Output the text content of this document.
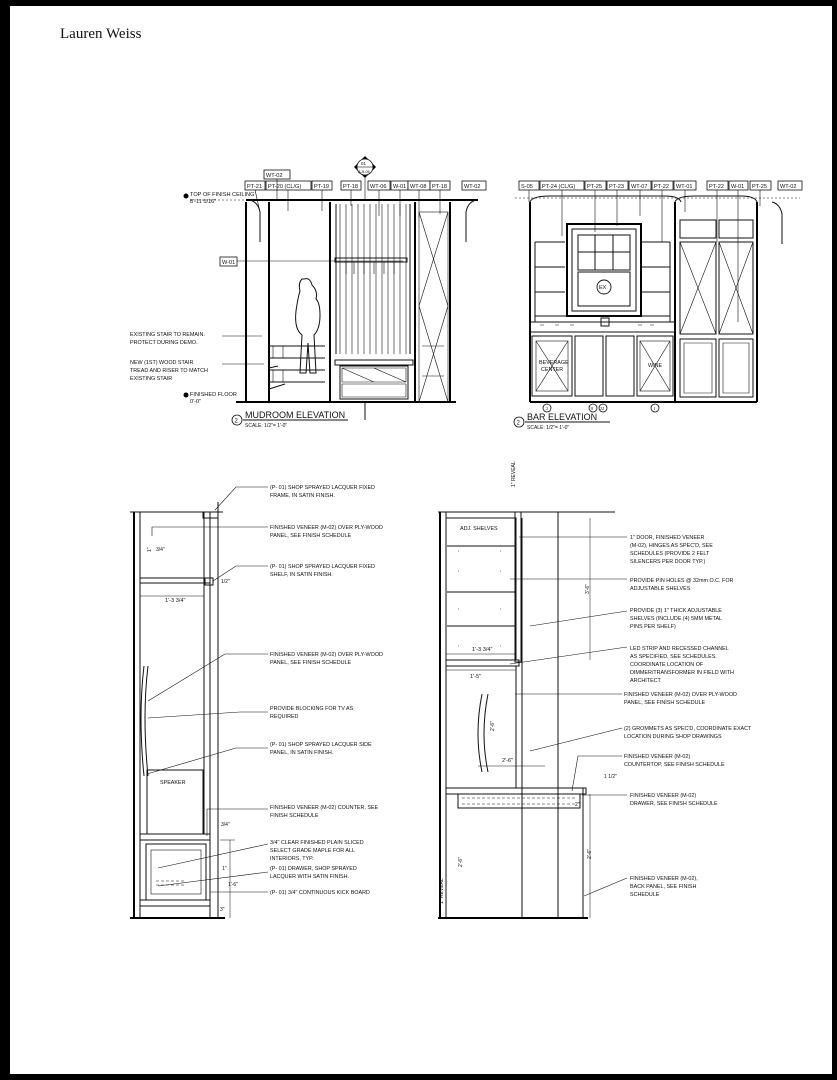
Lauren Weiss
WT-02
PT-21 PT-20 (CL/G) PT-19	PT-18 WT-06 W-01 WT-08 PT-18	WT-02
01
A-5.05
TOP OF FINISH CEILING
8'-11 5/16"
W-01
EXISTING STAIR TO REMAIN.
PROTECT DURING DEMO.
NEW (1ST) WOOD STAIR
TREAD AND RISER TO MATCH
EXISTING STAIR
FINISHED FLOOR
0'-0"
2
MUDROOM ELEVATION
SCALE: 1/2"= 1'-0"
S-05 PT-24 (CL/G) PT-25 PT-23 WT-07 PT-22 WT-01	PT-22 W-01 PT-25 WT-02
EX
BEVERAGE
CENTER
WINE
J	II JJ	I
2
BAR ELEVATION
SCALE: 1/2"= 1'-0"
SPEAKER
1" 3/4"
1'-3 3/4"
1/2"
3/4"
1'-6"
1"
3"
(P- 01) SHOP SPRAYED LACQUER FIXED
FRAME, IN SATIN FINISH.
FINISHED VENEER (M-02) OVER PLY-WOOD
PANEL, SEE FINISH SCHEDULE
(P- 01) SHOP SPRAYED LACQUER FIXED
SHELF, IN SATIN FINISH.
FINISHED VENEER (M-02) OVER PLY-WOOD
PANEL, SEE FINISH SCHEDULE
PROVIDE BLOCKING FOR TV AS
REQUIRED
(P- 01) SHOP SPRAYED LACQUER SIDE
PANEL, IN SATIN FINISH.
FINISHED VENEER (M-02) COUNTER, SEE
FINISH SCHEDULE
3/4" CLEAR FINISHED PLAIN SLICED
SELECT GRADE MAPLE FOR ALL
INTERIORS, TYP.
(P- 01) DRAWER, SHOP SPRAYED
LACQUER WITH SATIN FINISH.
(P- 01) 3/4" CONTINUOUS KICK BOARD
ADJ. SHELVES
1" REVEAL
1" REVEAL
3'-6"
1'-3 3/4"
1'-5"
2'-6"
2'-6"
1 1/2"
2"
2'-6"
2'-6"
1" DOOR, FINISHED VENEER
(M-02), HINGES AS SPEC'D, SEE
SCHEDULES (PROVIDE 2 FELT
SILENCERS PER DOOR TYP.)
PROVIDE PIN HOLES @ 32mm O.C. FOR
ADJUSTABLE SHELVES
PROVIDE (3) 1" THICK ADJUSTABLE
SHELVES (INCLUDE (4) 5MM METAL
PINS PER SHELF)
LED STRIP AND RECESSED CHANNEL
AS SPECIFIED, SEE SCHEDULES.
COORDINATE LOCATION OF
DIMMER/TRANSFORMER IN FIELD WITH
ARCHITECT
FINISHED VENEER (M-02) OVER PLY-WOOD
PANEL, SEE FINISH SCHEDULE
(2) GROMMETS AS SPEC'D, COORDINATE EXACT
LOCATION DURING SHOP DRAWINGS
FINISHED VENEER (M-02)
COUNTERTOP, SEE FINISH SCHEDULE
FINISHED VENEER (M-02)
DRAWER, SEE FINISH SCHEDULE
FINISHED VENEER (M-02),
BACK PANEL, SEE FINISH
SCHEDULE
